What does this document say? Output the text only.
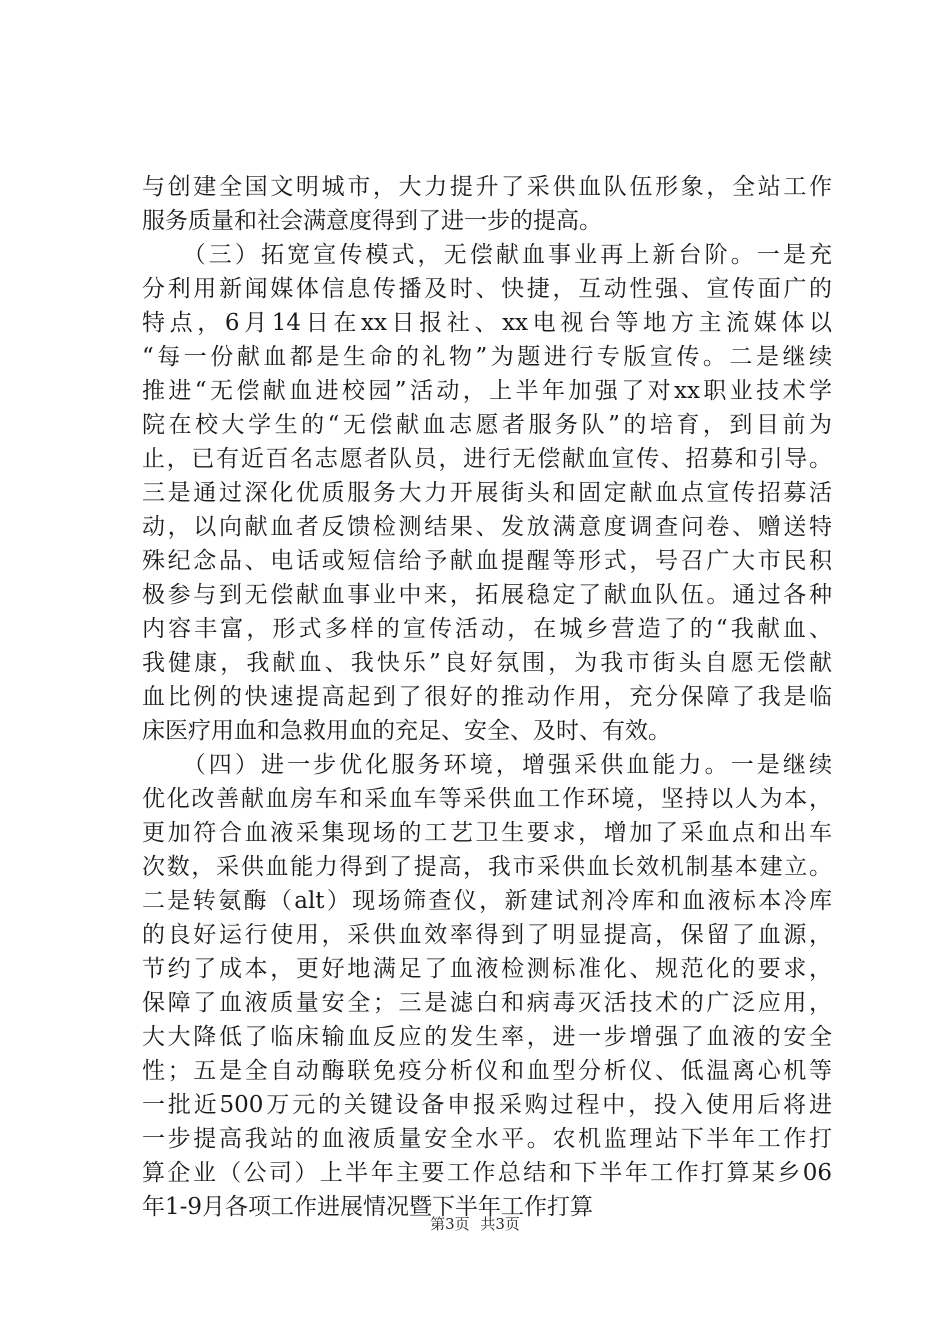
与创建全国文明城市，大力提升了采供血队伍形象，全站工作
服务质量和社会满意度得到了进一步的提高。
　　（三）拓宽宣传模式，无偿献血事业再上新台阶。一是充
分利用新闻媒体信息传播及时、快捷，互动性强、宣传面广的
特点，6月14日在xx日报社、xx电视台等地方主流媒体以
“每一份献血都是生命的礼物”为题进行专版宣传。二是继续
推进“无偿献血进校园”活动，上半年加强了对xx职业技术学
院在校大学生的“无偿献血志愿者服务队”的培育，到目前为
止，已有近百名志愿者队员，进行无偿献血宣传、招募和引导。
三是通过深化优质服务大力开展街头和固定献血点宣传招募活
动，以向献血者反馈检测结果、发放满意度调查问卷、赠送特
殊纪念品、电话或短信给予献血提醒等形式，号召广大市民积
极参与到无偿献血事业中来，拓展稳定了献血队伍。通过各种
内容丰富，形式多样的宣传活动，在城乡营造了的“我献血、
我健康，我献血、我快乐”良好氛围，为我市街头自愿无偿献
血比例的快速提高起到了很好的推动作用，充分保障了我是临
床医疗用血和急救用血的充足、安全、及时、有效。
　　（四）进一步优化服务环境，增强采供血能力。一是继续
优化改善献血房车和采血车等采供血工作环境，坚持以人为本，
更加符合血液采集现场的工艺卫生要求，增加了采血点和出车
次数，采供血能力得到了提高，我市采供血长效机制基本建立。
二是转氨酶（alt）现场筛查仪，新建试剂冷库和血液标本冷库
的良好运行使用，采供血效率得到了明显提高，保留了血源，
节约了成本，更好地满足了血液检测标准化、规范化的要求，
保障了血液质量安全；三是滤白和病毒灭活技术的广泛应用，
大大降低了临床输血反应的发生率，进一步增强了血液的安全
性；五是全自动酶联免疫分析仪和血型分析仪、低温离心机等
一批近500万元的关键设备申报采购过程中，投入使用后将进
一步提高我站的血液质量安全水平。农机监理站下半年工作打
算企业（公司）上半年主要工作总结和下半年工作打算某乡06
年1-9月各项工作进展情况暨下半年工作打算
第3页 共3页
